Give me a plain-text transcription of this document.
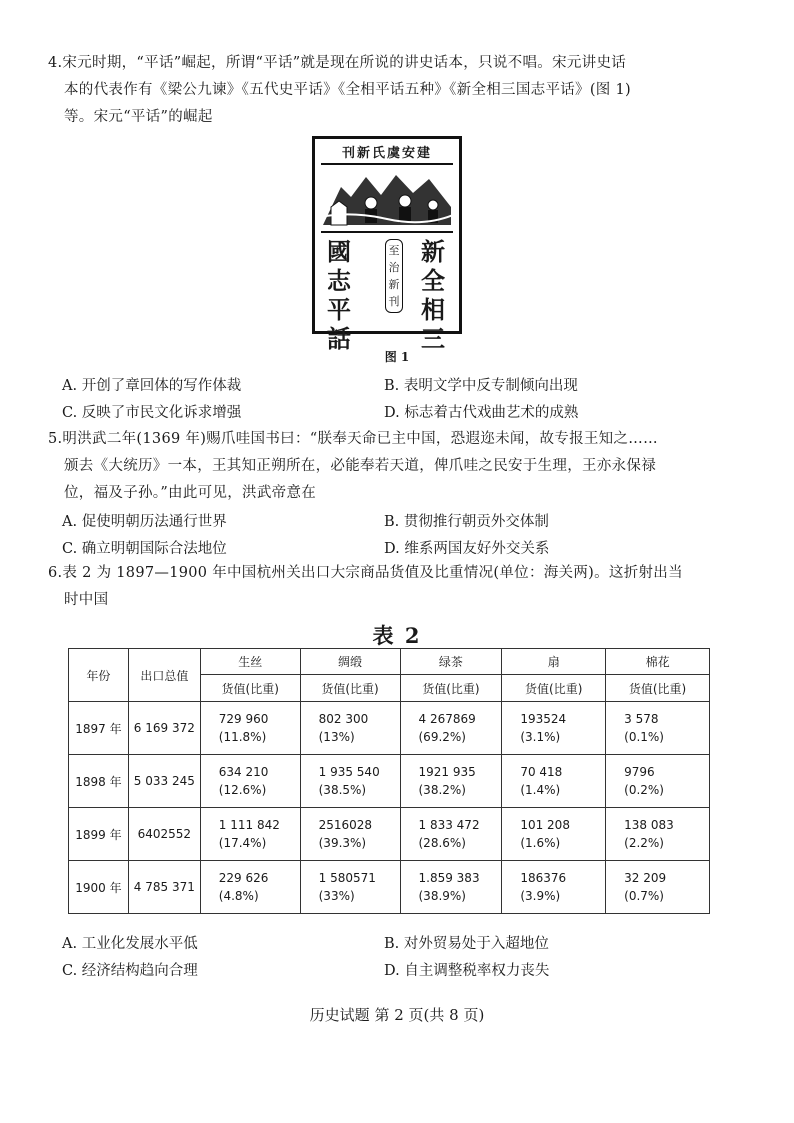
4.宋元时期，“平话”崛起，所谓“平话”就是现在所说的讲史话本，只说不唱。宋元讲史话

本的代表作有《梁公九谏》《五代史平话》《全相平话五种》《新全相三国志平话》(图 1)
等。宋元“平话”的崛起
刊新氏虞安建
新
全
相
三
至
治
新
刊
國
志
平
話
图 1
A. 开创了章回体的写作体裁	B. 表明文学中反专制倾向出现
C. 反映了市民文化诉求增强	D. 标志着古代戏曲艺术的成熟
5.明洪武二年(1369 年)赐爪哇国书曰：“朕奉天命已主中国，恐遐迩未闻，故专报王知之……

颁去《大统历》一本，王其知正朔所在，必能奉若天道，俾爪哇之民安于生理，王亦永保禄
位，福及子孙。”由此可见，洪武帝意在
A. 促使明朝历法通行世界	B. 贯彻推行朝贡外交体制
C. 确立明朝国际合法地位	D. 维系两国友好外交关系
6.表 2 为 1897—1900 年中国杭州关出口大宗商品货值及比重情况(单位：海关两)。这折射出当

时中国
表 2
年份	出口总值	生丝	绸缎	绿茶	扇	棉花
		货值(比重)	货值(比重)	货值(比重)	货值(比重)	货值(比重)
1897 年	6 169 372	729 960
(11.8%)	802 300
(13%)	4 267869
(69.2%)	193524
(3.1%)	3 578
(0.1%)

1898 年	5 033 245	634 210
(12.6%)	1 935 540
(38.5%)	1921 935
(38.2%)	70 418
(1.4%)	9796
(0.2%)

1899 年	6402552	1 111 842
(17.4%)	2516028
(39.3%)	1 833 472
(28.6%)	101 208
(1.6%)	138 083
(2.2%)

1900 年	4 785 371	229 626
(4.8%)	1 580571
(33%)	1.859 383
(38.9%)	186376
(3.9%)	32 209
(0.7%)
A. 工业化发展水平低	B. 对外贸易处于入超地位
C. 经济结构趋向合理	D. 自主调整税率权力丧失
历史试题 第 2 页(共 8 页)
